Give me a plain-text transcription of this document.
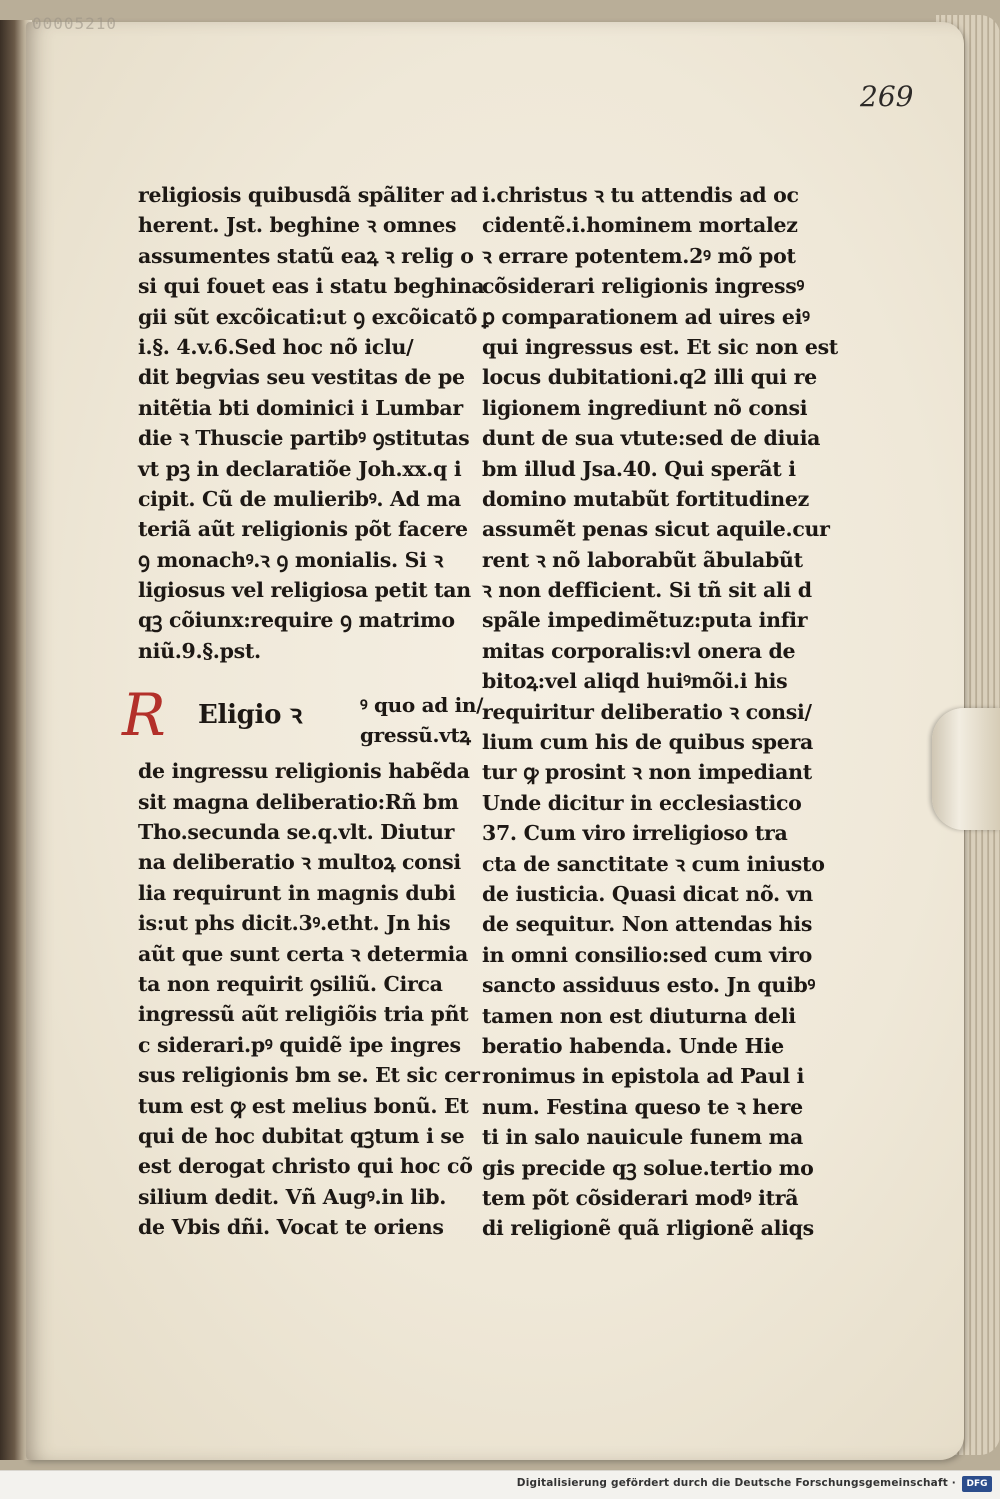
00005210
269
religiosis quibusdã spãliter ad
herent. Jst. beghine ꝛ omnes
assumentes statũ eaꝝ ꝛ relig o
si qui fouet eas i statu beghina
gii sũt excõicati:ut ꝯ excõicatõ
i.§. 4.v.6.Sed hoc nõ iclu/
dit begvias seu vestitas de pe
nitẽtia bti dominici i Lumbar
die ꝛ Thuscie partibꝰ ꝯstitutas
vt pꝫ in declaratiõe Joh.xx.q i
cipit. Cũ de mulieribꝰ. Ad ma
teriã aũt religionis põt facere
ꝯ monachꝰ.ꝛ ꝯ monialis. Si ꝛ
ligiosus vel religiosa petit tan
qꝫ cõiunx:require ꝯ matrimo
niũ.9.§.pst.
R Eligio ꝛ	ꝰ quo ad in/
gressũ.vtꝝ
de ingressu religionis habẽda
sit magna deliberatio:Rñ bm
Tho.secunda se.q.vlt. Diutur
na deliberatio ꝛ multoꝝ consi
lia requirunt in magnis dubi
is:ut phs dicit.3ꝰ.etht. Jn his
aũt que sunt certa ꝛ determia
ta non requirit ꝯsiliũ. Circa
ingressũ aũt religiõis tria pñt
c siderari.pꝰ quidẽ ipe ingres
sus religionis bm se. Et sic cer
tum est ꝙ est melius bonũ. Et
qui de hoc dubitat qꝫtum i se
est derogat christo qui hoc cõ
silium dedit. Vñ Augꝰ.in lib.
de Vbis dñi. Vocat te oriens
i.christus ꝛ tu attendis ad oc
cidentẽ.i.hominem mortalez
ꝛ errare potentem.2ꝰ mõ pot
cõsiderari religionis ingressꝰ
ꝑ comparationem ad uires eiꝰ
qui ingressus est. Et sic non est
locus dubitationi.q2 illi qui re
ligionem ingrediunt nõ consi
dunt de sua vtute:sed de diuia
bm illud Jsa.40. Qui sperãt i
domino mutabũt fortitudinez
assumẽt penas sicut aquile.cur
rent ꝛ nõ laborabũt ãbulabũt
ꝛ non defficient. Si tñ sit ali d
spãle impedimẽtuz:puta infir
mitas corporalis:vl onera de
bitoꝝ:vel aliqd huiꝰmõi.i his
requiritur deliberatio ꝛ consi/
lium cum his de quibus spera
tur ꝙ prosint ꝛ non impediant
Unde dicitur in ecclesiastico
37. Cum viro irreligioso tra
cta de sanctitate ꝛ cum iniusto
de iusticia. Quasi dicat nõ. vn
de sequitur. Non attendas his
in omni consilio:sed cum viro
sancto assiduus esto. Jn quibꝰ
tamen non est diuturna deli
beratio habenda. Unde Hie
ronimus in epistola ad Paul i
num. Festina queso te ꝛ here
ti in salo nauicule funem ma
gis precide qꝫ solue.tertio mo
tem põt cõsiderari modꝰ itrã
di religionẽ quã rligionẽ aliqs
Digitalisierung gefördert durch die Deutsche Forschungsgemeinschaft ·	DFG
